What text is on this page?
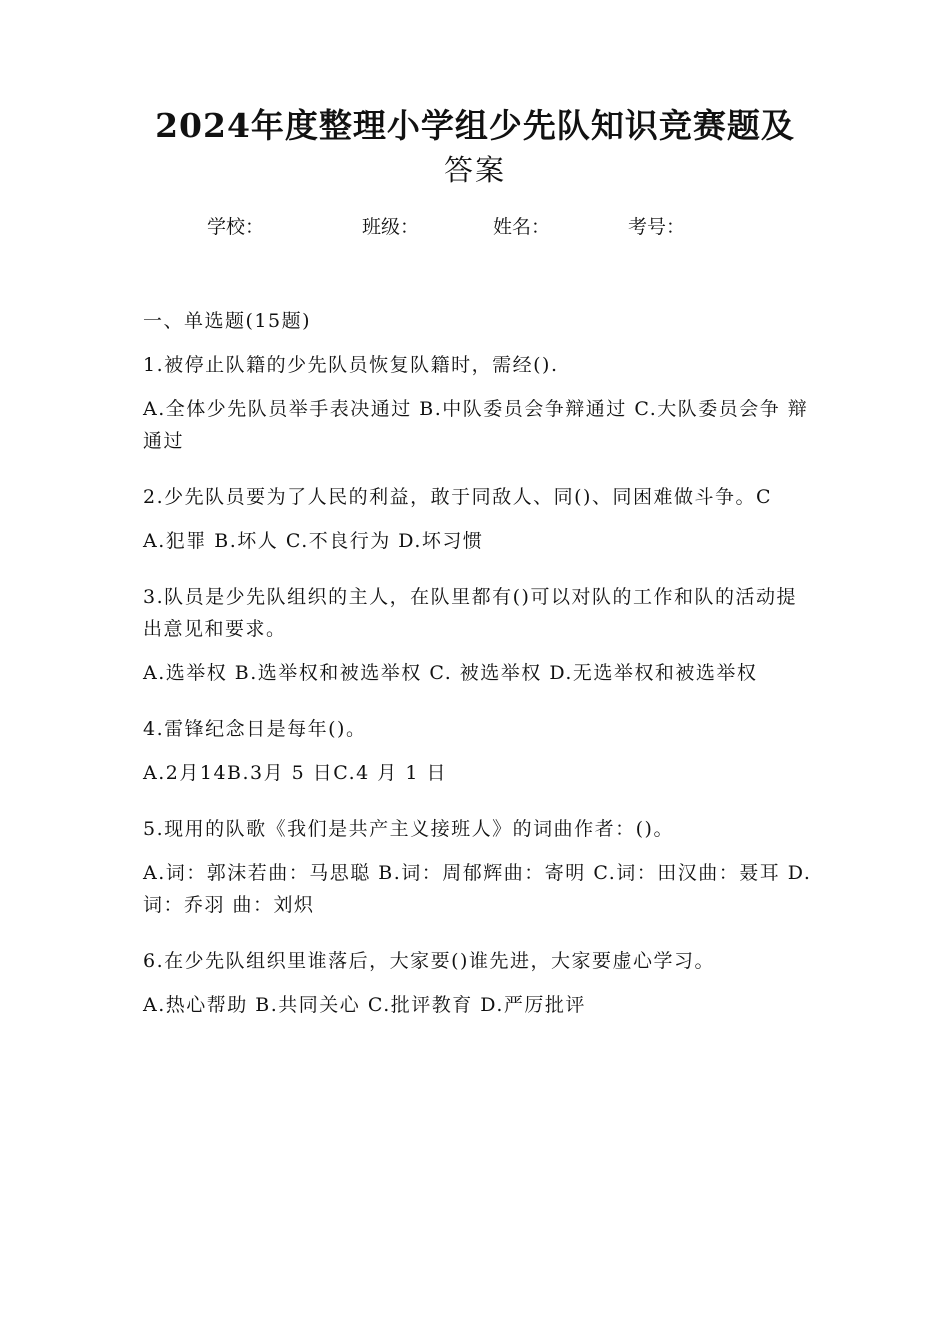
2024年度整理小学组少先队知识竞赛题及
答案
学校：	班级：	姓名：	考号：
一、单选题(15题)
1.被停止队籍的少先队员恢复队籍时，需经().
A.全体少先队员举手表决通过 B.中队委员会争辩通过 C.大队委员会争 辩通过
2.少先队员要为了人民的利益，敢于同敌人、同()、同困难做斗争。C
A.犯罪 B.坏人 C.不良行为 D.坏习惯
3.队员是少先队组织的主人，在队里都有()可以对队的工作和队的活动提出意见和要求。
A.选举权 B.选举权和被选举权 C. 被选举权 D.无选举权和被选举权
4.雷锋纪念日是每年()。
A.2月14B.3月 5 日C.4 月 1 日
5.现用的队歌《我们是共产主义接班人》的词曲作者：()。
A.词：郭沫若曲：马思聪 B.词：周郁辉曲：寄明 C.词：田汉曲：聂耳 D.词：乔羽 曲：刘炽
6.在少先队组织里谁落后，大家要()谁先进，大家要虚心学习。
A.热心帮助 B.共同关心 C.批评教育 D.严厉批评
